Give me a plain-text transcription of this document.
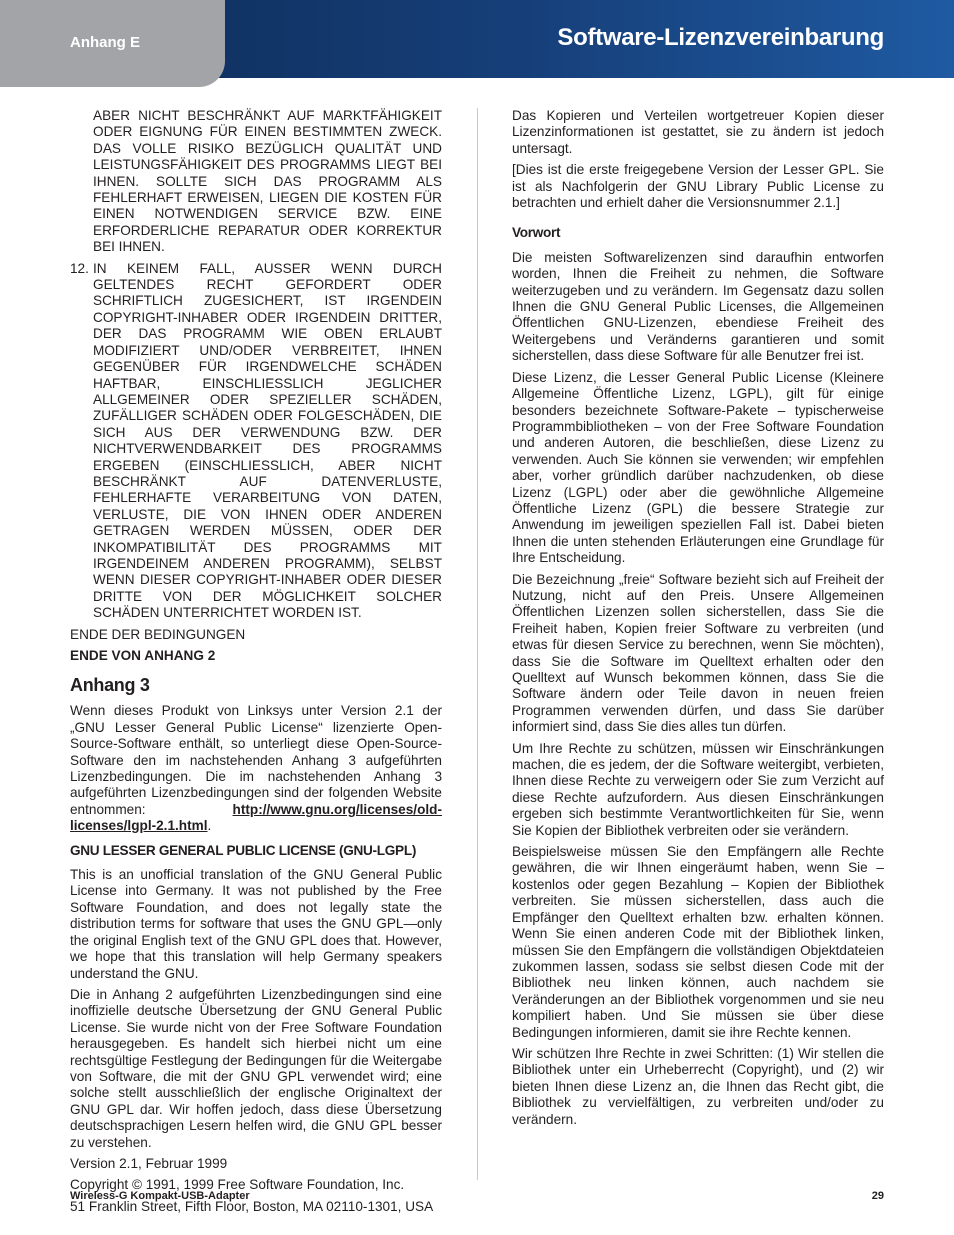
Anhang E	Software-Lizenzvereinbarung

ABER NICHT BESCHRÄNKT AUF MARKTFÄHIGKEIT ODER EIGNUNG FÜR EINEN BESTIMMTEN ZWECK. DAS VOLLE RISIKO BEZÜGLICH QUALITÄT UND LEISTUNGSFÄHIGKEIT DES PROGRAMMS LIEGT BEI IHNEN. SOLLTE SICH DAS PROGRAMM ALS FEHLERHAFT ERWEISEN, LIEGEN DIE KOSTEN FÜR EINEN NOTWENDIGEN SERVICE BZW. EINE ERFORDERLICHE REPARATUR ODER KORREKTUR BEI IHNEN.

12. IN KEINEM FALL, AUSSER WENN DURCH GELTENDES RECHT GEFORDERT ODER SCHRIFTLICH ZUGESICHERT, IST IRGENDEIN COPYRIGHT-INHABER ODER IRGENDEIN DRITTER, DER DAS PROGRAMM WIE OBEN ERLAUBT MODIFIZIERT UND/ODER VERBREITET, IHNEN GEGENÜBER FÜR IRGENDWELCHE SCHÄDEN HAFTBAR, EINSCHLIESSLICH JEGLICHER ALLGEMEINER ODER SPEZIELLER SCHÄDEN, ZUFÄLLIGER SCHÄDEN ODER FOLGESCHÄDEN, DIE SICH AUS DER VERWENDUNG BZW. DER NICHTVERWENDBARKEIT DES PROGRAMMS ERGEBEN (EINSCHLIESSLICH, ABER NICHT BESCHRÄNKT AUF DATENVERLUSTE, FEHLERHAFTE VERARBEITUNG VON DATEN, VERLUSTE, DIE VON IHNEN ODER ANDEREN GETRAGEN WERDEN MÜSSEN, ODER DER INKOMPATIBILITÄT DES PROGRAMMS MIT IRGENDEINEM ANDEREN PROGRAMM), SELBST WENN DIESER COPYRIGHT-INHABER ODER DIESER DRITTE VON DER MÖGLICHKEIT SOLCHER SCHÄDEN UNTERRICHTET WORDEN IST.

ENDE DER BEDINGUNGEN

ENDE VON ANHANG 2

Anhang 3

Wenn dieses Produkt von Linksys unter Version 2.1 der „GNU Lesser General Public License“ lizenzierte Open-Source-Software enthält, so unterliegt diese Open-Source-Software den im nachstehenden Anhang 3 aufgeführten Lizenzbedingungen. Die im nachstehenden Anhang 3 aufgeführten Lizenzbedingungen sind der folgenden Website entnommen: http://www.gnu.org/licenses/old-licenses/lgpl-2.1.html.

GNU LESSER GENERAL PUBLIC LICENSE (GNU-LGPL)

This is an unofficial translation of the GNU General Public License into Germany. It was not published by the Free Software Foundation, and does not legally state the distribution terms for software that uses the GNU GPL—only the original English text of the GNU GPL does that. However, we hope that this translation will help Germany speakers understand the GNU.

Die in Anhang 2 aufgeführten Lizenzbedingungen sind eine inoffizielle deutsche Übersetzung der GNU General Public License. Sie wurde nicht von der Free Software Foundation herausgegeben. Es handelt sich hierbei nicht um eine rechtsgültige Festlegung der Bedingungen für die Weitergabe von Software, die mit der GNU GPL verwendet wird; eine solche stellt ausschließlich der englische Originaltext der GNU GPL dar. Wir hoffen jedoch, dass diese Übersetzung deutschsprachigen Lesern helfen wird, die GNU GPL besser zu verstehen.

Version 2.1, Februar 1999

Copyright © 1991, 1999 Free Software Foundation, Inc.

51 Franklin Street, Fifth Floor, Boston, MA 02110-1301, USA

Das Kopieren und Verteilen wortgetreuer Kopien dieser Lizenzinformationen ist gestattet, sie zu ändern ist jedoch untersagt.

[Dies ist die erste freigegebene Version der Lesser GPL. Sie ist als Nachfolgerin der GNU Library Public License zu betrachten und erhielt daher die Versionsnummer 2.1.]

Vorwort

Die meisten Softwarelizenzen sind daraufhin entworfen worden, Ihnen die Freiheit zu nehmen, die Software weiterzugeben und zu verändern. Im Gegensatz dazu sollen Ihnen die GNU General Public Licenses, die Allgemeinen Öffentlichen GNU-Lizenzen, ebendiese Freiheit des Weitergebens und Veränderns garantieren und somit sicherstellen, dass diese Software für alle Benutzer frei ist.

Diese Lizenz, die Lesser General Public License (Kleinere Allgemeine Öffentliche Lizenz, LGPL), gilt für einige besonders bezeichnete Software-Pakete – typischerweise Programmbibliotheken – von der Free Software Foundation und anderen Autoren, die beschließen, diese Lizenz zu verwenden. Auch Sie können sie verwenden; wir empfehlen aber, vorher gründlich darüber nachzudenken, ob diese Lizenz (LGPL) oder aber die gewöhnliche Allgemeine Öffentliche Lizenz (GPL) die bessere Strategie zur Anwendung im jeweiligen speziellen Fall ist. Dabei bieten Ihnen die unten stehenden Erläuterungen eine Grundlage für Ihre Entscheidung.

Die Bezeichnung „freie“ Software bezieht sich auf Freiheit der Nutzung, nicht auf den Preis. Unsere Allgemeinen Öffentlichen Lizenzen sollen sicherstellen, dass Sie die Freiheit haben, Kopien freier Software zu verbreiten (und etwas für diesen Service zu berechnen, wenn Sie möchten), dass Sie die Software im Quelltext erhalten oder den Quelltext auf Wunsch bekommen können, dass Sie die Software ändern oder Teile davon in neuen freien Programmen verwenden dürfen, und dass Sie darüber informiert sind, dass Sie dies alles tun dürfen.

Um Ihre Rechte zu schützen, müssen wir Einschränkungen machen, die es jedem, der die Software weitergibt, verbieten, Ihnen diese Rechte zu verweigern oder Sie zum Verzicht auf diese Rechte aufzufordern. Aus diesen Einschränkungen ergeben sich bestimmte Verantwortlichkeiten für Sie, wenn Sie Kopien der Bibliothek verbreiten oder sie verändern.

Beispielsweise müssen Sie den Empfängern alle Rechte gewähren, die wir Ihnen eingeräumt haben, wenn Sie – kostenlos oder gegen Bezahlung – Kopien der Bibliothek verbreiten. Sie müssen sicherstellen, dass auch die Empfänger den Quelltext erhalten bzw. erhalten können. Wenn Sie einen anderen Code mit der Bibliothek linken, müssen Sie den Empfängern die vollständigen Objektdateien zukommen lassen, sodass sie selbst diesen Code mit der Bibliothek neu linken können, auch nachdem sie Veränderungen an der Bibliothek vorgenommen und sie neu kompiliert haben. Und Sie müssen sie über diese Bedingungen informieren, damit sie ihre Rechte kennen.

Wir schützen Ihre Rechte in zwei Schritten: (1) Wir stellen die Bibliothek unter ein Urheberrecht (Copyright), und (2) wir bieten Ihnen diese Lizenz an, die Ihnen das Recht gibt, die Bibliothek zu vervielfältigen, zu verbreiten und/oder zu verändern.

Wireless-G Kompakt-USB-Adapter	29
